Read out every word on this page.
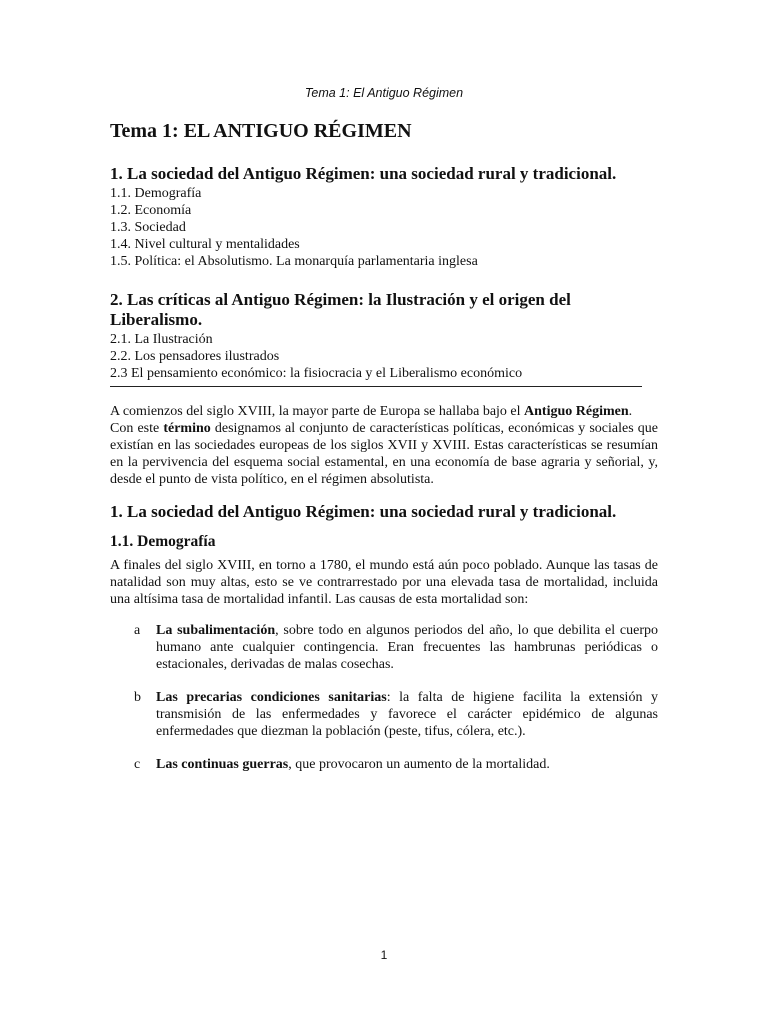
Tema 1: El Antiguo Régimen
Tema 1: EL ANTIGUO RÉGIMEN
1. La sociedad del Antiguo Régimen: una sociedad rural y tradicional.

1.1. Demografía

1.2. Economía

1.3. Sociedad

1.4. Nivel cultural y mentalidades

1.5. Política: el Absolutismo. La monarquía parlamentaria inglesa

2. Las críticas al Antiguo Régimen: la Ilustración y el origen del Liberalismo.

2.1. La Ilustración

2.2. Los pensadores ilustrados

2.3 El pensamiento económico: la fisiocracia y el Liberalismo económico

A comienzos del siglo XVIII, la mayor parte de Europa se hallaba bajo el Antiguo Régimen.

Con este término designamos al conjunto de características políticas, económicas y sociales que existían en las sociedades europeas de los siglos XVII y XVIII. Estas características se resumían en la pervivencia del esquema social estamental, en una economía de base agraria y señorial, y, desde el punto de vista político, en el régimen absolutista.

1. La sociedad del Antiguo Régimen: una sociedad rural y tradicional.
1.1. Demografía

A finales del siglo XVIII, en torno a 1780, el mundo está aún poco poblado. Aunque las tasas de natalidad son muy altas, esto se ve contrarrestado por una elevada tasa de mortalidad, incluida una altísima tasa de mortalidad infantil. Las causas de esta mortalidad son:

a	La subalimentación, sobre todo en algunos periodos del año, lo que debilita el cuerpo humano ante cualquier contingencia. Eran frecuentes las hambrunas periódicas o estacionales, derivadas de malas cosechas.
b	Las precarias condiciones sanitarias: la falta de higiene facilita la extensión y transmisión de las enfermedades y favorece el carácter epidémico de algunas enfermedades que diezman la población (peste, tifus, cólera, etc.).
c	Las continuas guerras, que provocaron un aumento de la mortalidad.
1
